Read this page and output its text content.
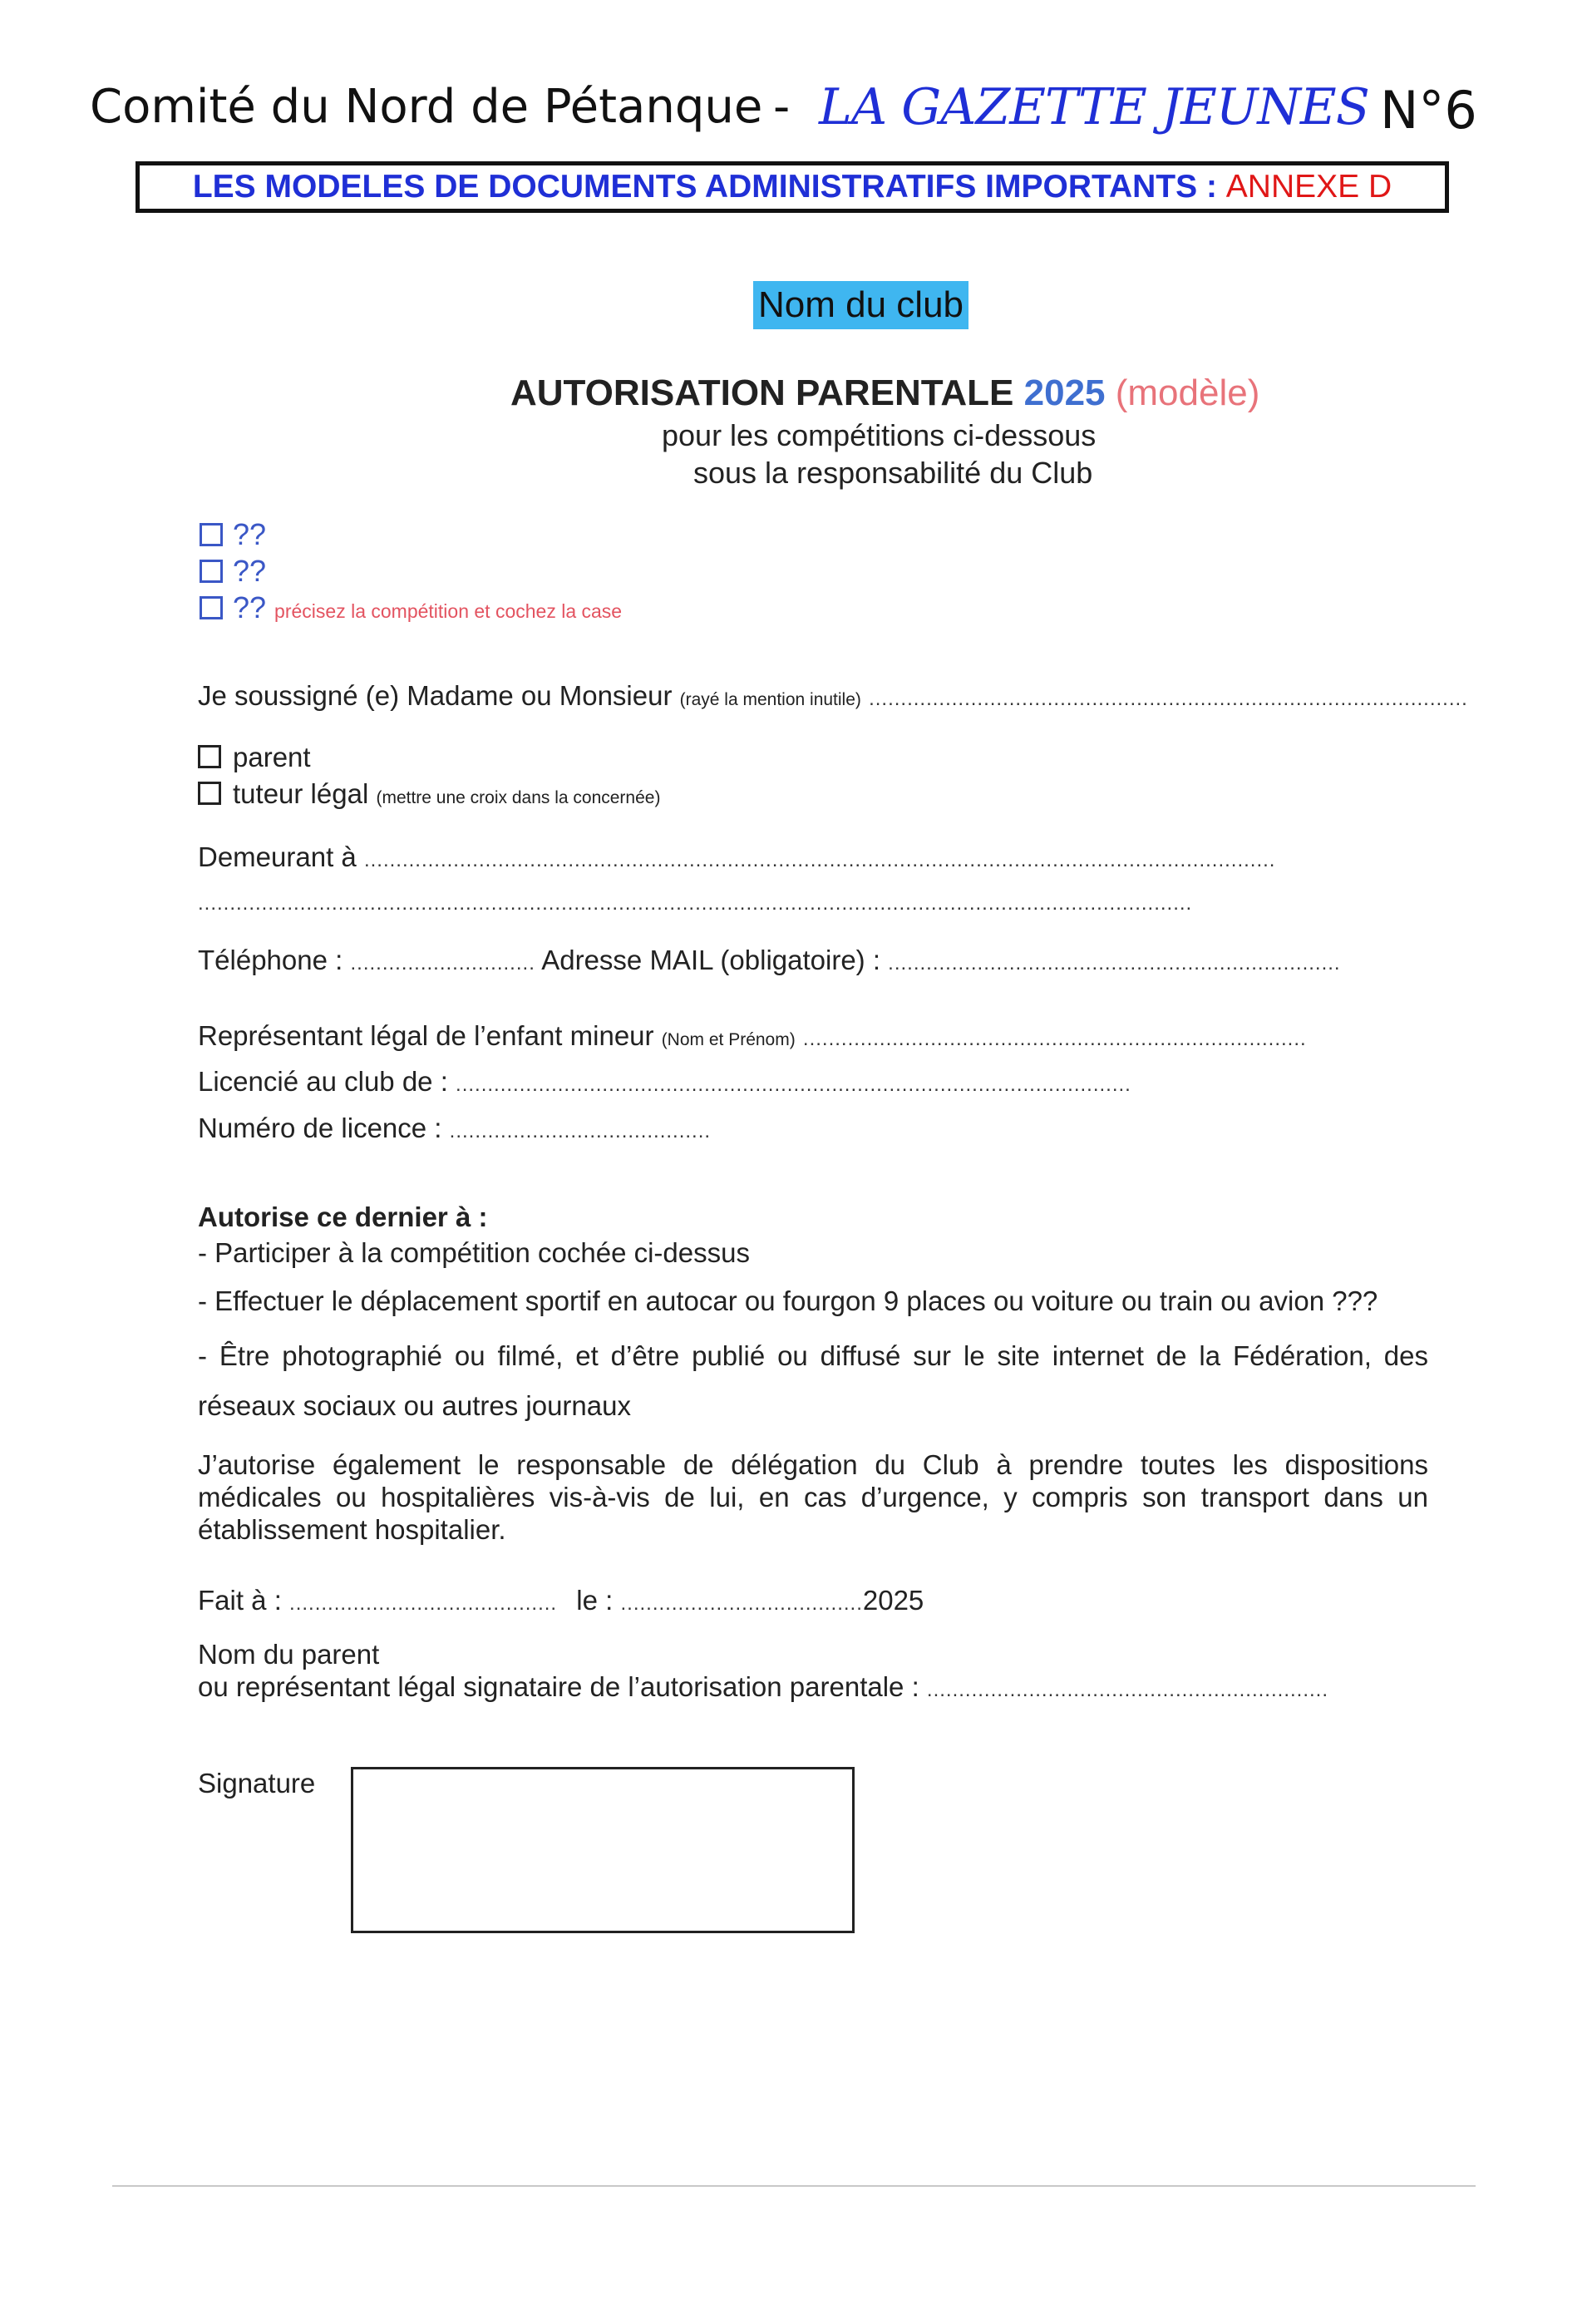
Comité du Nord de Pétanque - LA GAZETTE JEUNES N°6
LES MODELES DE DOCUMENTS ADMINISTRATIFS IMPORTANTS : ANNEXE D
Nom du club
AUTORISATION PARENTALE 2025 (modèle)
pour les compétitions ci-dessous
sous la responsabilité du Club
??
??
?? précisez la compétition et cochez la case
Je soussigné (e) Madame ou Monsieur (rayé la mention inutile) ..............................................................................................
parent
tuteur légal (mettre une croix dans la concernée)
Demeurant à ...............................................................................................................................................
............................................................................................................................................................
Téléphone : ............................. Adresse MAIL (obligatoire) : .......................................................................
Représentant légal de l’enfant mineur (Nom et Prénom) ...............................................................................
Licencié au club de : ..........................................................................................................
Numéro de licence : .........................................
Autorise ce dernier à :
- Participer à la compétition cochée ci-dessus
- Effectuer le déplacement sportif en autocar ou fourgon 9 places ou voiture ou train ou avion ???
- Être photographié ou filmé, et d’être publié ou diffusé sur le site internet de la Fédération, des réseaux sociaux ou autres journaux
J’autorise également le responsable de délégation du Club à prendre toutes les dispositions médicales ou hospitalières vis-à-vis de lui, en cas d’urgence, y compris son transport dans un établissement hospitalier.
Fait à : .......................................... le : ......................................2025
Nom du parent
ou représentant légal signataire de l’autorisation parentale : ...............................................................
Signature
